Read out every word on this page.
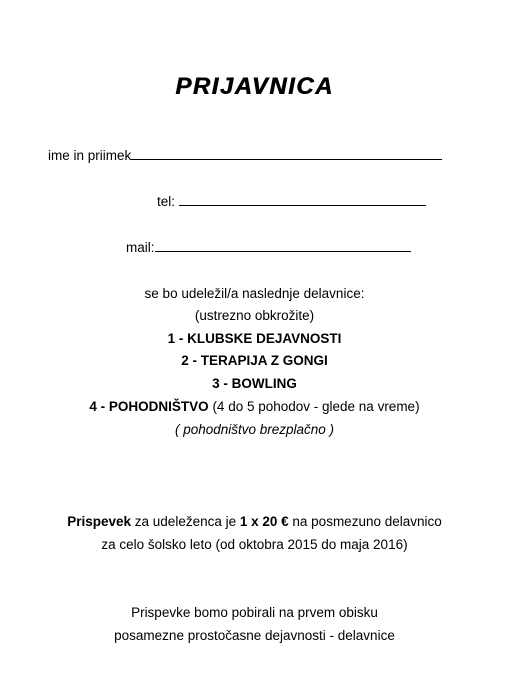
PRIJAVNICA
ime in priimek
tel:
mail:
se bo udeležil/a naslednje delavnice:
(ustrezno obkrožite)
1 - KLUBSKE DEJAVNOSTI
2 - TERAPIJA Z GONGI
3 - BOWLING
4 - POHODNIŠTVO (4 do 5 pohodov - glede na vreme)
( pohodništvo brezplačno )
Prispevek za udeleženca je 1 x 20 € na posmezuno delavnico
za celo šolsko leto (od oktobra 2015 do maja 2016)
Prispevke bomo pobirali na prvem obisku
posamezne prostočasne dejavnosti - delavnice
